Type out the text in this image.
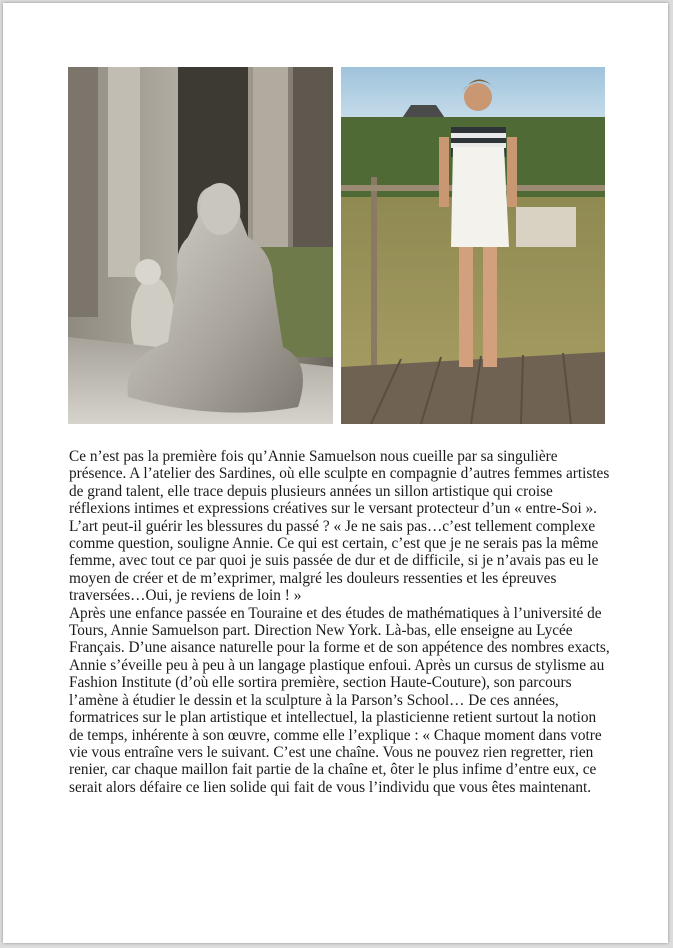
Ce n’est pas la première fois qu’Annie Samuelson nous cueille par sa singulière présence. A l’atelier des Sardines, où elle sculpte en compagnie d’autres femmes artistes de grand talent, elle trace depuis plusieurs années un sillon artistique qui croise réflexions intimes et expressions créatives sur le versant protecteur d’un « entre-Soi ». L’art peut-il guérir les blessures du passé ? « Je ne sais pas…c’est tellement complexe comme question, souligne Annie. Ce qui est certain, c’est que je ne serais pas la même femme, avec tout ce par quoi je suis passée de dur et de difficile, si je n’avais pas eu le moyen de créer et de m’exprimer, malgré les douleurs ressenties et les épreuves traversées…Oui, je reviens de loin ! »

Après une enfance passée en Touraine et des études de mathématiques à l’université de Tours, Annie Samuelson part. Direction New York. Là-bas, elle enseigne au Lycée Français. D’une aisance naturelle pour la forme et de son appétence des nombres exacts, Annie s’éveille peu à peu à un langage plastique enfoui. Après un cursus de stylisme au Fashion Institute (d’où elle sortira première, section Haute-Couture), son parcours l’amène à étudier le dessin et la sculpture à la Parson’s School… De ces années, formatrices sur le plan artistique et intellectuel, la plasticienne retient surtout la notion de temps, inhérente à son œuvre, comme elle l’explique : « Chaque moment dans votre vie vous entraîne vers le suivant. C’est une chaîne. Vous ne pouvez rien regretter, rien renier, car chaque maillon fait partie de la chaîne et, ôter le plus infime d’entre eux, ce serait alors défaire ce lien solide qui fait de vous l’individu que vous êtes maintenant.
